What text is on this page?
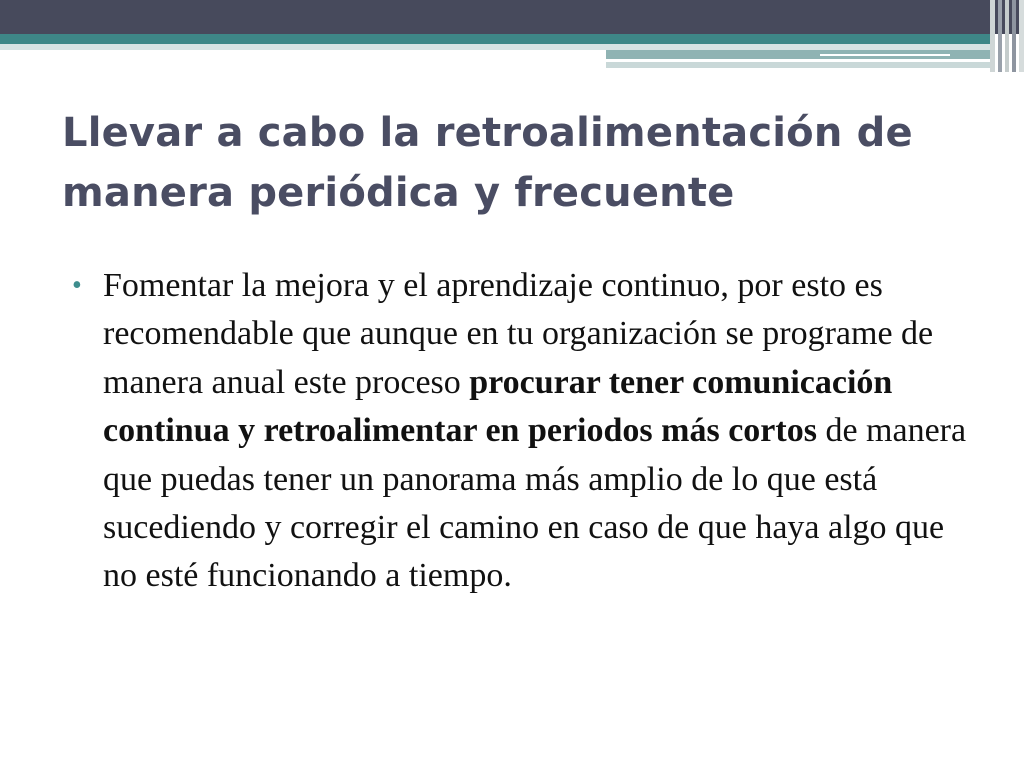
Llevar a cabo la retroalimentación de
manera periódica y frecuente
• Fomentar la mejora y el aprendizaje continuo, por esto es recomendable que aunque en tu organización se programe de manera anual este proceso procurar tener comunicación continua y retroalimentar en periodos más cortos de manera que puedas tener un panorama más amplio de lo que está sucediendo y corregir el camino en caso de que haya algo que no esté funcionando a tiempo.
